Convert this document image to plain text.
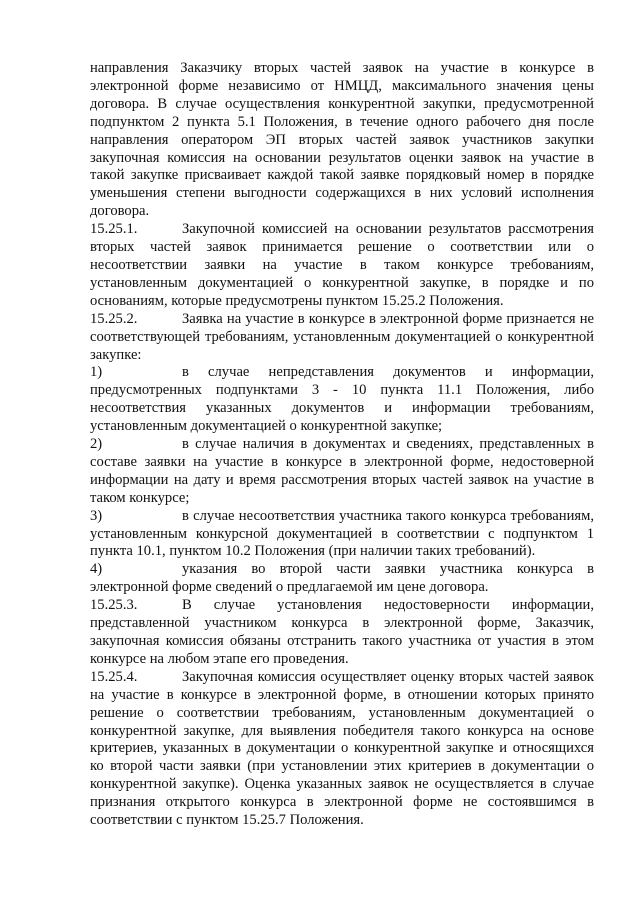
направления Заказчику вторых частей заявок на участие в конкурсе в электронной форме независимо от НМЦД, максимального значения цены договора. В случае осуществления конкурентной закупки, предусмотренной подпунктом 2 пункта 5.1 Положения, в течение одного рабочего дня после направления оператором ЭП вторых частей заявок участников закупки закупочная комиссия на основании результатов оценки заявок на участие в такой закупке присваивает каждой такой заявке порядковый номер в порядке уменьшения степени выгодности содержащихся в них условий исполнения договора.

15.25.1.	Закупочной комиссией на основании результатов рассмотрения вторых частей заявок принимается решение о соответствии или о несоответствии заявки на участие в таком конкурсе требованиям, установленным документацией о конкурентной закупке, в порядке и по основаниям, которые предусмотрены пунктом 15.25.2 Положения.

15.25.2.	Заявка на участие в конкурсе в электронной форме признается не соответствующей требованиям, установленным документацией о конкурентной закупке:

1)	в случае непредставления документов и информации, предусмотренных подпунктами 3 - 10 пункта 11.1 Положения, либо несоответствия указанных документов и информации требованиям, установленным документацией о конкурентной закупке;

2)	в случае наличия в документах и сведениях, представленных в составе заявки на участие в конкурсе в электронной форме, недостоверной информации на дату и время рассмотрения вторых частей заявок на участие в таком конкурсе;

3)	в случае несоответствия участника такого конкурса требованиям, установленным конкурсной документацией в соответствии с подпунктом 1 пункта 10.1, пунктом 10.2 Положения (при наличии таких требований).

4)	указания во второй части заявки участника конкурса в электронной форме сведений о предлагаемой им цене договора.

15.25.3.	В случае установления недостоверности информации, представленной участником конкурса в электронной форме, Заказчик, закупочная комиссия обязаны отстранить такого участника от участия в этом конкурсе на любом этапе его проведения.

15.25.4.	Закупочная комиссия осуществляет оценку вторых частей заявок на участие в конкурсе в электронной форме, в отношении которых принято решение о соответствии требованиям, установленным документацией о конкурентной закупке, для выявления победителя такого конкурса на основе критериев, указанных в документации о конкурентной закупке и относящихся ко второй части заявки (при установлении этих критериев в документации о конкурентной закупке). Оценка указанных заявок не осуществляется в случае признания открытого конкурса в электронной форме не состоявшимся в соответствии с пунктом 15.25.7 Положения.
